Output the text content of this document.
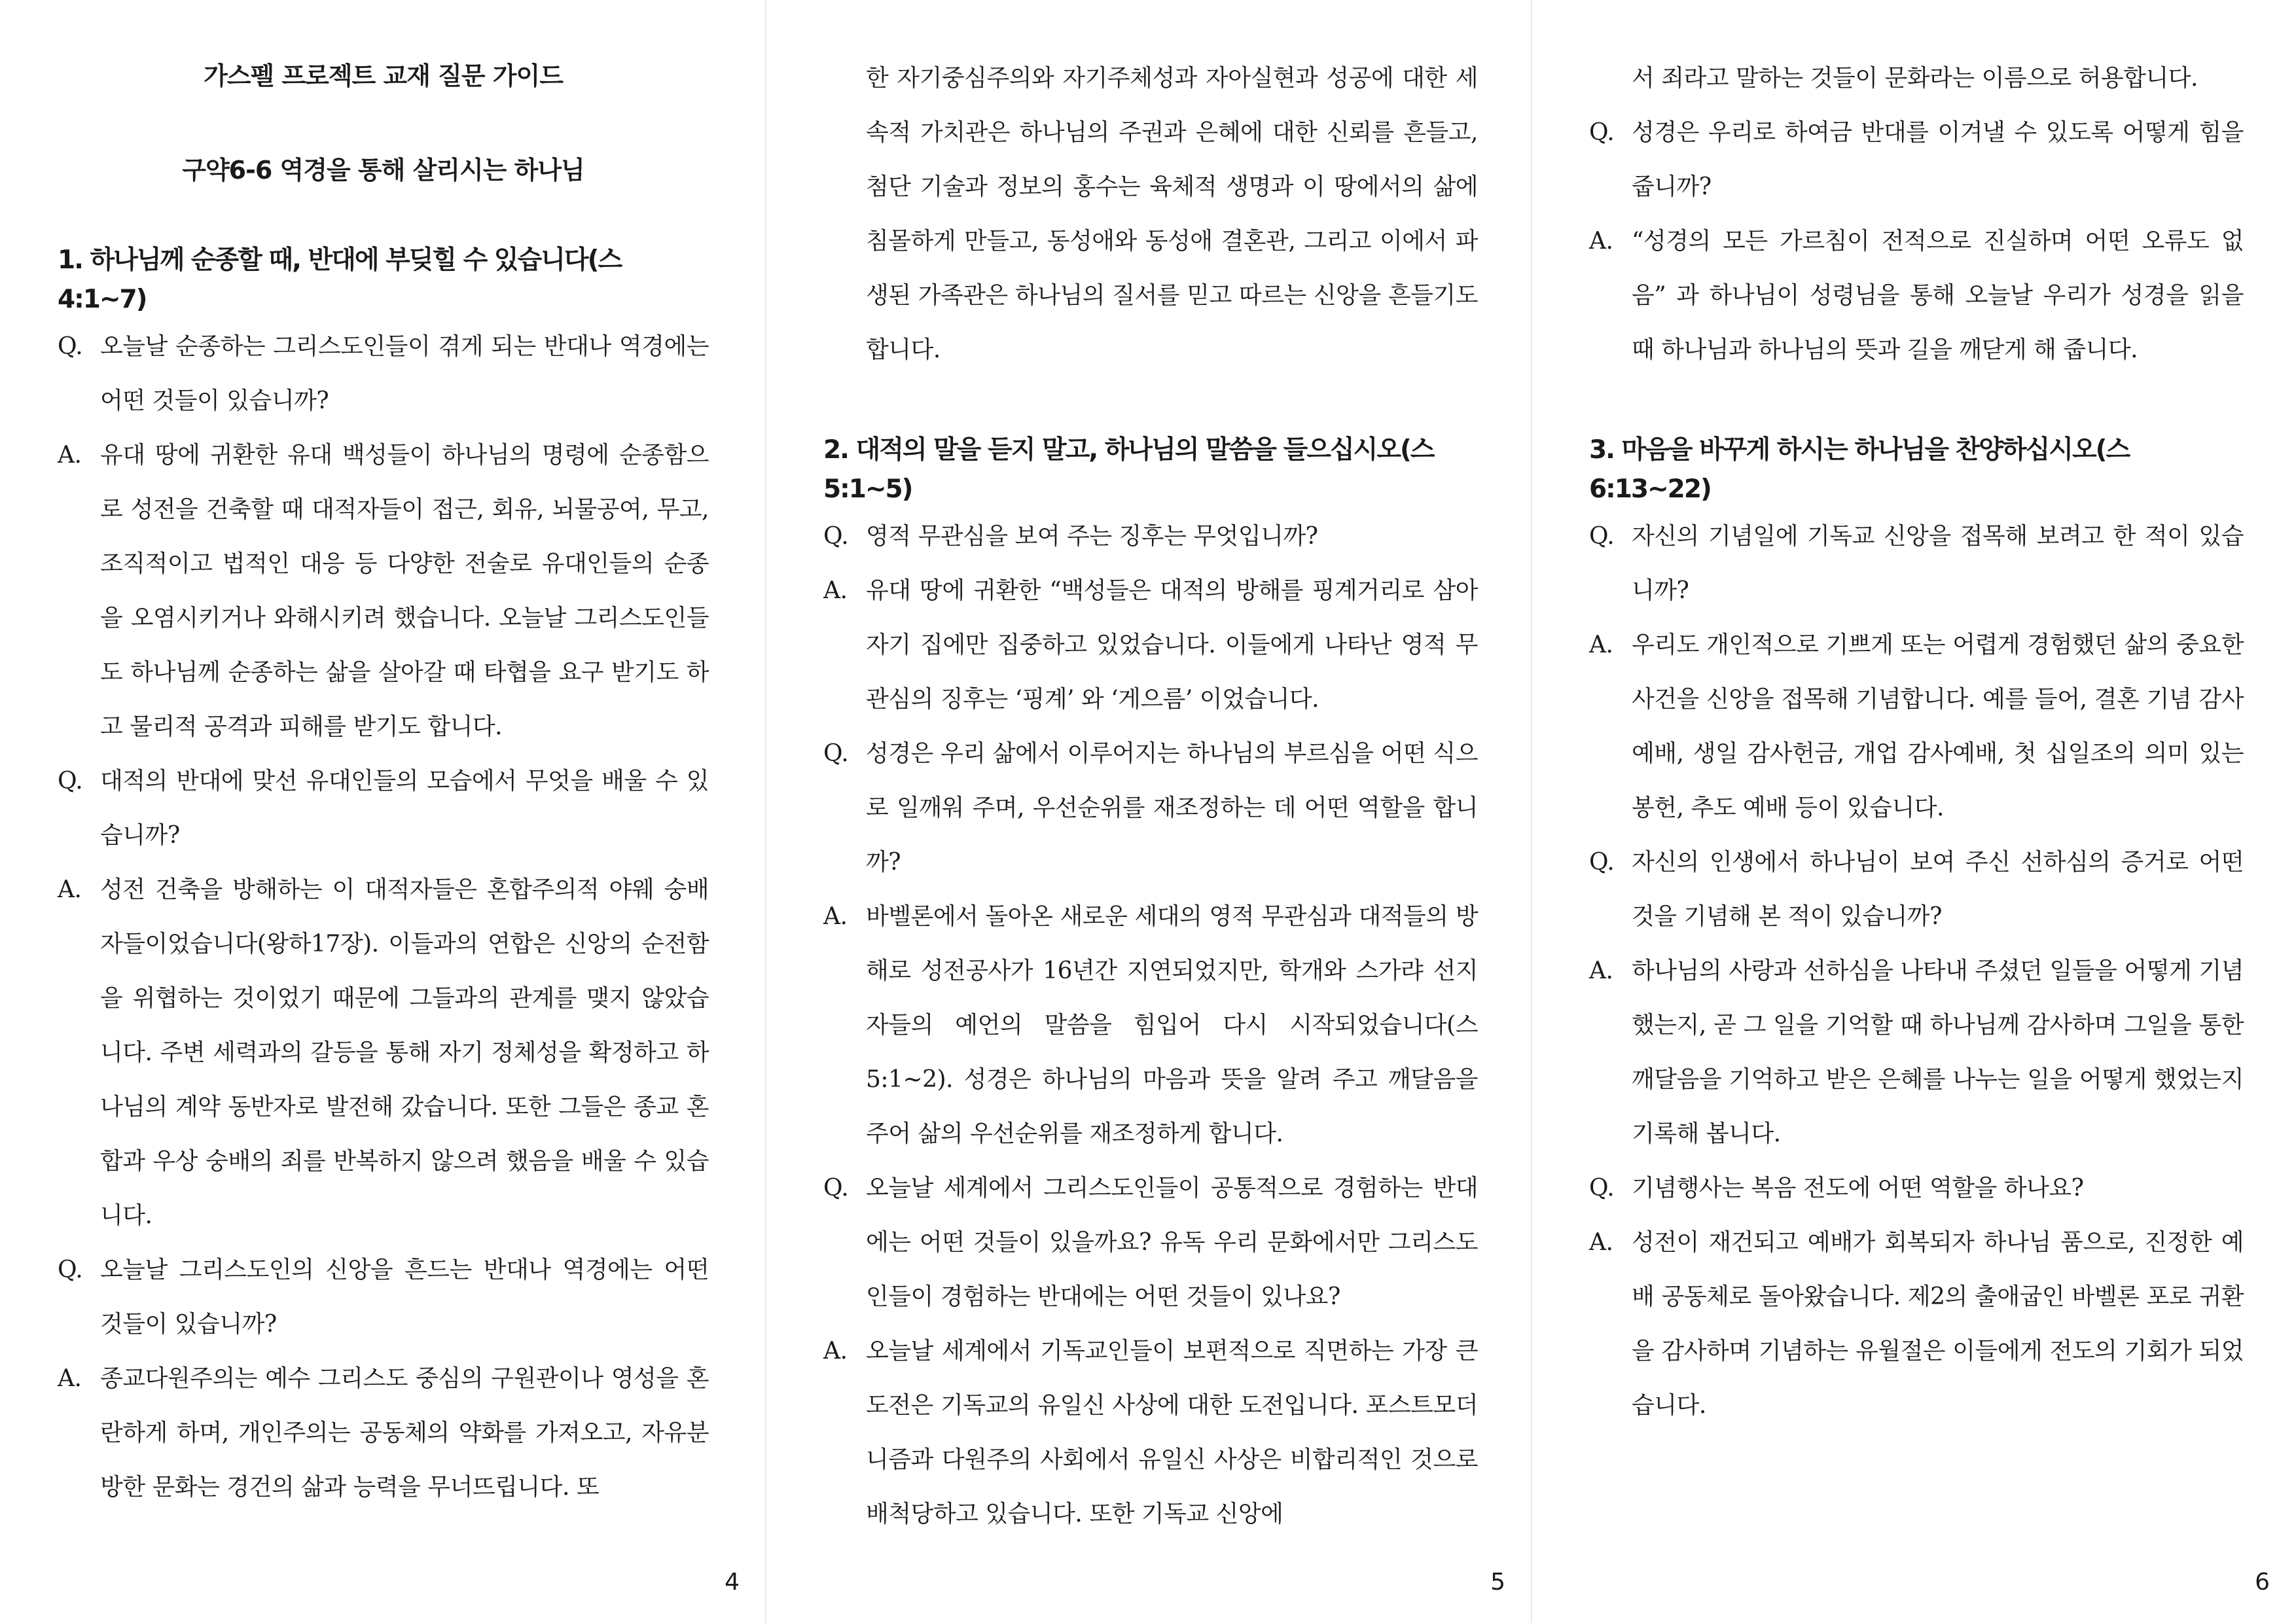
가스펠 프로젝트 교재 질문 가이드

구약6-6 역경을 통해 살리시는 하나님

1. 하나님께 순종할 때, 반대에 부딪힐 수 있습니다(스 4:1~7)

Q. 오늘날 순종하는 그리스도인들이 겪게 되는 반대나 역경에는 어떤 것들이 있습니까?
A. 유대 땅에 귀환한 유대 백성들이 하나님의 명령에 순종함으로 성전을 건축할 때 대적자들이 접근, 회유, 뇌물공여, 무고, 조직적이고 법적인 대응 등 다양한 전술로 유대인들의 순종을 오염시키거나 와해시키려 했습니다. 오늘날 그리스도인들도 하나님께 순종하는 삶을 살아갈 때 타협을 요구 받기도 하고 물리적 공격과 피해를 받기도 합니다.
Q. 대적의 반대에 맞선 유대인들의 모습에서 무엇을 배울 수 있습니까?
A. 성전 건축을 방해하는 이 대적자들은 혼합주의적 야웨 숭배자들이었습니다(왕하17장). 이들과의 연합은 신앙의 순전함을 위협하는 것이었기 때문에 그들과의 관계를 맺지 않았습니다. 주변 세력과의 갈등을 통해 자기 정체성을 확정하고 하나님의 계약 동반자로 발전해 갔습니다. 또한 그들은 종교 혼합과 우상 숭배의 죄를 반복하지 않으려 했음을 배울 수 있습니다.
Q. 오늘날 그리스도인의 신앙을 흔드는 반대나 역경에는 어떤 것들이 있습니까?
A. 종교다원주의는 예수 그리스도 중심의 구원관이나 영성을 혼란하게 하며, 개인주의는 공동체의 약화를 가져오고, 자유분방한 문화는 경건의 삶과 능력을 무너뜨립니다. 또
4

한 자기중심주의와 자기주체성과 자아실현과 성공에 대한 세속적 가치관은 하나님의 주권과 은혜에 대한 신뢰를 흔들고, 첨단 기술과 정보의 홍수는 육체적 생명과 이 땅에서의 삶에 침몰하게 만들고, 동성애와 동성애 결혼관, 그리고 이에서 파생된 가족관은 하나님의 질서를 믿고 따르는 신앙을 흔들기도 합니다.

2. 대적의 말을 듣지 말고, 하나님의 말씀을 들으십시오(스 5:1~5)

Q. 영적 무관심을 보여 주는 징후는 무엇입니까?
A. 유대 땅에 귀환한 “백성들은 대적의 방해를 핑계거리로 삼아 자기 집에만 집중하고 있었습니다. 이들에게 나타난 영적 무관심의 징후는 ‘핑계’ 와 ‘게으름’ 이었습니다.
Q. 성경은 우리 삶에서 이루어지는 하나님의 부르심을 어떤 식으로 일깨워 주며, 우선순위를 재조정하는 데 어떤 역할을 합니까?
A. 바벨론에서 돌아온 새로운 세대의 영적 무관심과 대적들의 방해로 성전공사가 16년간 지연되었지만, 학개와 스가랴 선지자들의 예언의 말씀을 힘입어 다시 시작되었습니다(스 5:1~2). 성경은 하나님의 마음과 뜻을 알려 주고 깨달음을 주어 삶의 우선순위를 재조정하게 합니다.
Q. 오늘날 세계에서 그리스도인들이 공통적으로 경험하는 반대에는 어떤 것들이 있을까요? 유독 우리 문화에서만 그리스도인들이 경험하는 반대에는 어떤 것들이 있나요?
A. 오늘날 세계에서 기독교인들이 보편적으로 직면하는 가장 큰 도전은 기독교의 유일신 사상에 대한 도전입니다. 포스트모더니즘과 다원주의 사회에서 유일신 사상은 비합리적인 것으로 배척당하고 있습니다. 또한 기독교 신앙에
5

서 죄라고 말하는 것들이 문화라는 이름으로 허용합니다.

Q. 성경은 우리로 하여금 반대를 이겨낼 수 있도록 어떻게 힘을 줍니까?
A. “성경의 모든 가르침이 전적으로 진실하며 어떤 오류도 없음” 과 하나님이 성령님을 통해 오늘날 우리가 성경을 읽을 때 하나님과 하나님의 뜻과 길을 깨닫게 해 줍니다.

3. 마음을 바꾸게 하시는 하나님을 찬양하십시오(스 6:13~22)

Q. 자신의 기념일에 기독교 신앙을 접목해 보려고 한 적이 있습니까?
A. 우리도 개인적으로 기쁘게 또는 어렵게 경험했던 삶의 중요한 사건을 신앙을 접목해 기념합니다. 예를 들어, 결혼 기념 감사예배, 생일 감사헌금, 개업 감사예배, 첫 십일조의 의미 있는 봉헌, 추도 예배 등이 있습니다.
Q. 자신의 인생에서 하나님이 보여 주신 선하심의 증거로 어떤 것을 기념해 본 적이 있습니까?
A. 하나님의 사랑과 선하심을 나타내 주셨던 일들을 어떻게 기념했는지, 곧 그 일을 기억할 때 하나님께 감사하며 그일을 통한 깨달음을 기억하고 받은 은혜를 나누는 일을 어떻게 했었는지 기록해 봅니다.
Q. 기념행사는 복음 전도에 어떤 역할을 하나요?
A. 성전이 재건되고 예배가 회복되자 하나님 품으로, 진정한 예배 공동체로 돌아왔습니다. 제2의 출애굽인 바벨론 포로 귀환을 감사하며 기념하는 유월절은 이들에게 전도의 기회가 되었습니다.
6
